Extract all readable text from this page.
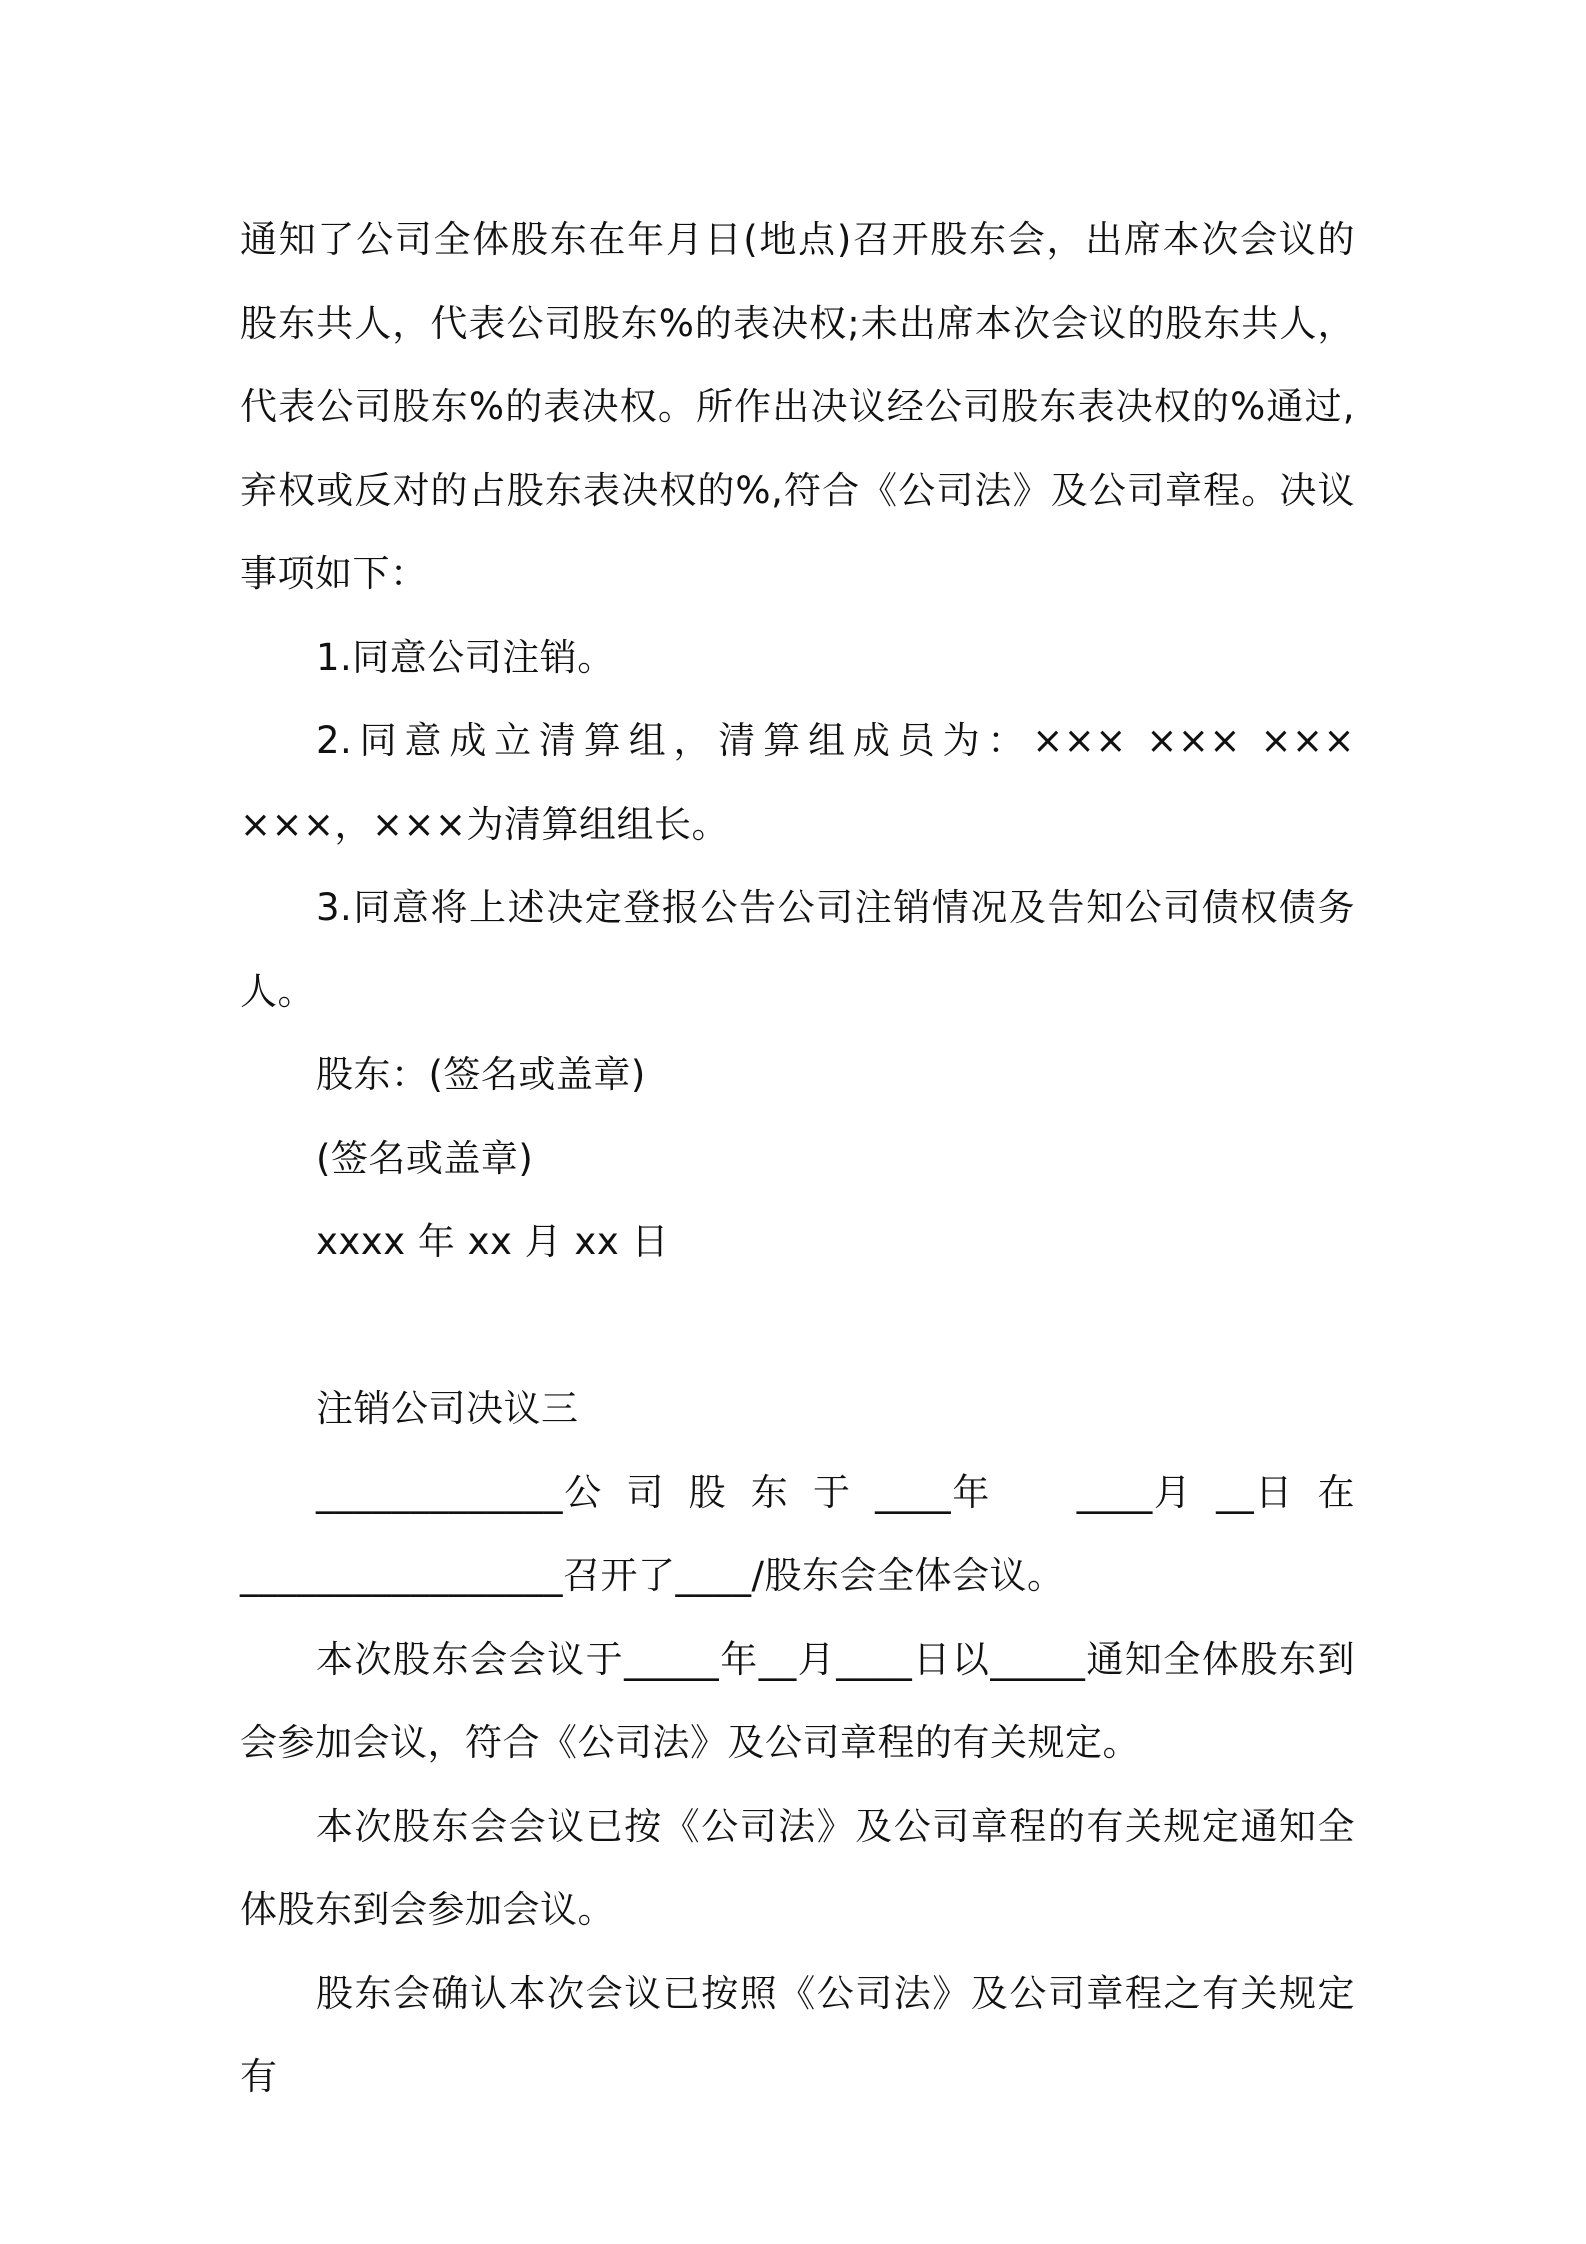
通知了公司全体股东在年月日(地点)召开股东会，出席本次会议的股东共人，代表公司股东%的表决权;未出席本次会议的股东共人，代表公司股东%的表决权。所作出决议经公司股东表决权的%通过,弃权或反对的占股东表决权的%,符合《公司法》及公司章程。决议事项如下：

1.同意公司注销。

2.同意成立清算组，清算组成员为：××× ××× ××× ×××，×××为清算组组长。

3.同意将上述决定登报公告公司注销情况及告知公司债权债务人。

股东：(签名或盖章)

(签名或盖章)

xxxx 年 xx 月 xx 日

注销公司决议三

_____________公 司 股 东 于 ____年 　 ____月 __日 在

_________________召开了____/股东会全体会议。

本次股东会会议于_____年__月____日以_____通知全体股东到会参加会议，符合《公司法》及公司章程的有关规定。

本次股东会会议已按《公司法》及公司章程的有关规定通知全体股东到会参加会议。

股东会确认本次会议已按照《公司法》及公司章程之有关规定有
